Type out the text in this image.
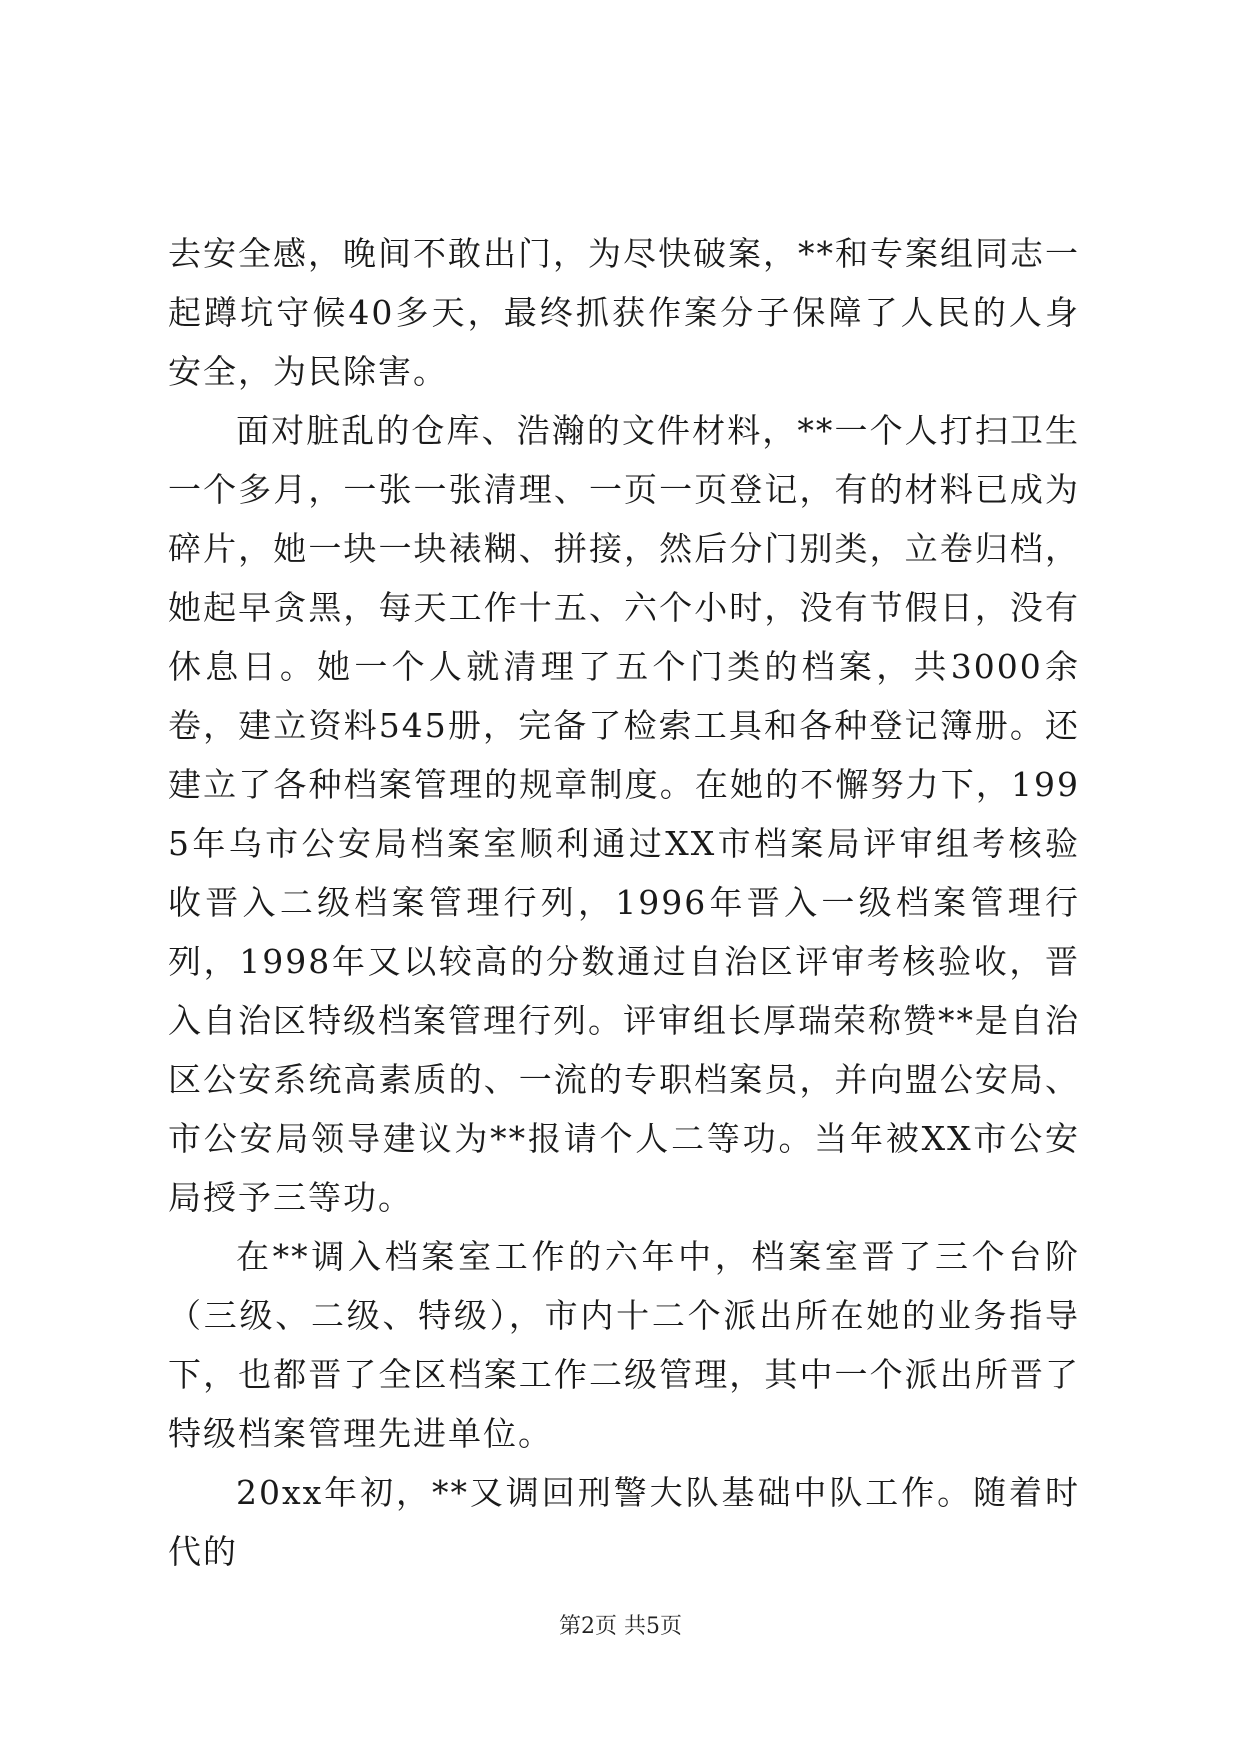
去安全感，晚间不敢出门，为尽快破案，**和专案组同志一起蹲坑守候40多天，最终抓获作案分子保障了人民的人身安全，为民除害。

面对脏乱的仓库、浩瀚的文件材料，**一个人打扫卫生一个多月，一张一张清理、一页一页登记，有的材料已成为碎片，她一块一块裱糊、拼接，然后分门别类，立卷归档，她起早贪黑，每天工作十五、六个小时，没有节假日，没有休息日。她一个人就清理了五个门类的档案，共3000余卷，建立资料545册，完备了检索工具和各种登记簿册。还建立了各种档案管理的规章制度。在她的不懈努力下，1995年乌市公安局档案室顺利通过XX市档案局评审组考核验收晋入二级档案管理行列，1996年晋入一级档案管理行列，1998年又以较高的分数通过自治区评审考核验收，晋入自治区特级档案管理行列。评审组长厚瑞荣称赞**是自治区公安系统高素质的、一流的专职档案员，并向盟公安局、市公安局领导建议为**报请个人二等功。当年被XX市公安局授予三等功。

在**调入档案室工作的六年中，档案室晋了三个台阶（三级、二级、特级），市内十二个派出所在她的业务指导下，也都晋了全区档案工作二级管理，其中一个派出所晋了特级档案管理先进单位。

20xx年初，**又调回刑警大队基础中队工作。随着时代的

第2页 共5页
